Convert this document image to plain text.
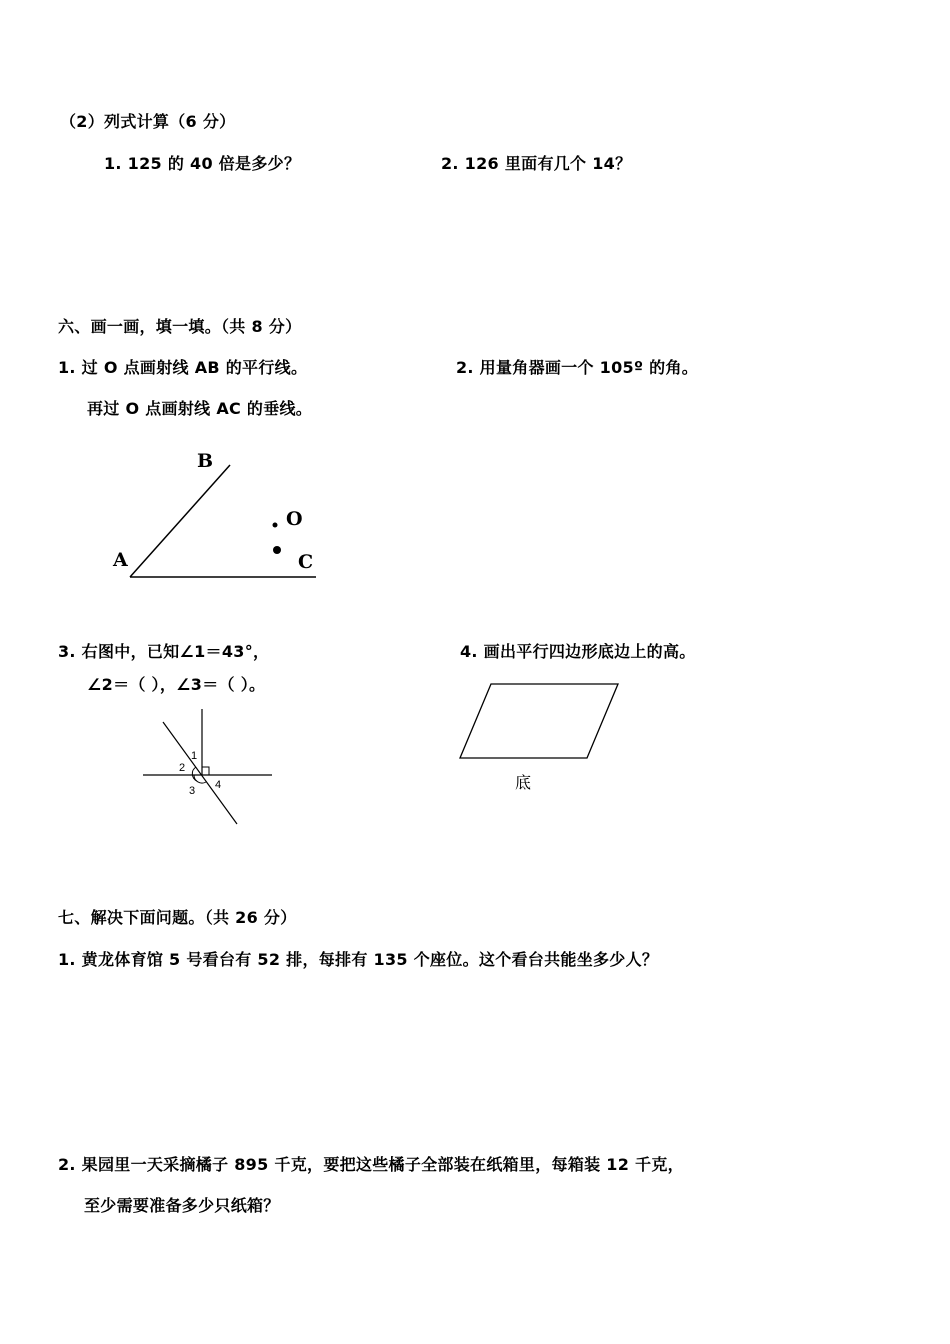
（2）列式计算（6 分）
1. 125 的 40 倍是多少？	2. 126 里面有几个 14？
六、画一画，填一填。（共 8 分）
1. 过 O 点画射线 AB 的平行线。
再过 O 点画射线 AC 的垂线。
2. 用量角器画一个 105º 的角。
B
O
A	C
3. 右图中，已知∠1＝43°，
∠2＝（ ），∠3＝（ ）。
4. 画出平行四边形底边上的高。
1
2
3 4	底
七、解决下面问题。（共 26 分）
1. 黄龙体育馆 5 号看台有 52 排，每排有 135 个座位。这个看台共能坐多少人？
2. 果园里一天采摘橘子 895 千克，要把这些橘子全部装在纸箱里，每箱装 12 千克，
至少需要准备多少只纸箱？
